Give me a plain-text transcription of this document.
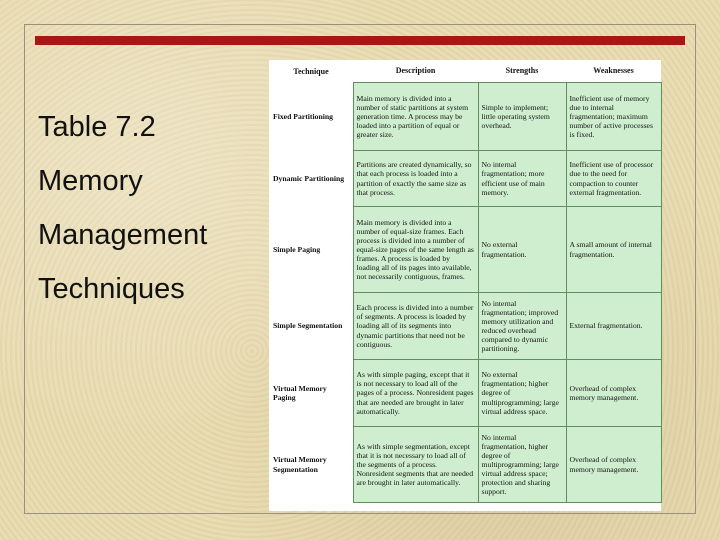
Table 7.2
Memory
Management
Techniques
Technique	Description	Strengths	Weaknesses
Fixed Partitioning	Main memory is divided into a number of static partitions at system generation time. A process may be loaded into a partition of equal or greater size.	Simple to implement; little operating system overhead.	Inefficient use of memory due to internal fragmentation; maximum number of active processes is fixed.
Dynamic Partitioning	Partitions are created dynamically, so that each process is loaded into a partition of exactly the same size as that process.	No internal fragmentation; more efficient use of main memory.	Inefficient use of processor due to the need for compaction to counter external fragmentation.
Simple Paging	Main memory is divided into a number of equal-size frames. Each process is divided into a number of equal-size pages of the same length as frames. A process is loaded by loading all of its pages into available, not necessarily contiguous, frames.	No external fragmentation.	A small amount of internal fragmentation.
Simple Segmentation	Each process is divided into a number of segments. A process is loaded by loading all of its segments into dynamic partitions that need not be contiguous.	No internal fragmentation; improved memory utilization and reduced overhead compared to dynamic partitioning.	External fragmentation.
Virtual Memory Paging	As with simple paging, except that it is not necessary to load all of the pages of a process. Nonresident pages that are needed are brought in later automatically.	No external fragmentation; higher degree of multiprogramming; large virtual address space.	Overhead of complex memory management.
Virtual Memory Segmentation	As with simple segmentation, except that it is not necessary to load all of the segments of a process. Nonresident segments that are needed are brought in later automatically.	No internal fragmentation, higher degree of multiprogramming; large virtual address space; protection and sharing support.	Overhead of complex memory management.
